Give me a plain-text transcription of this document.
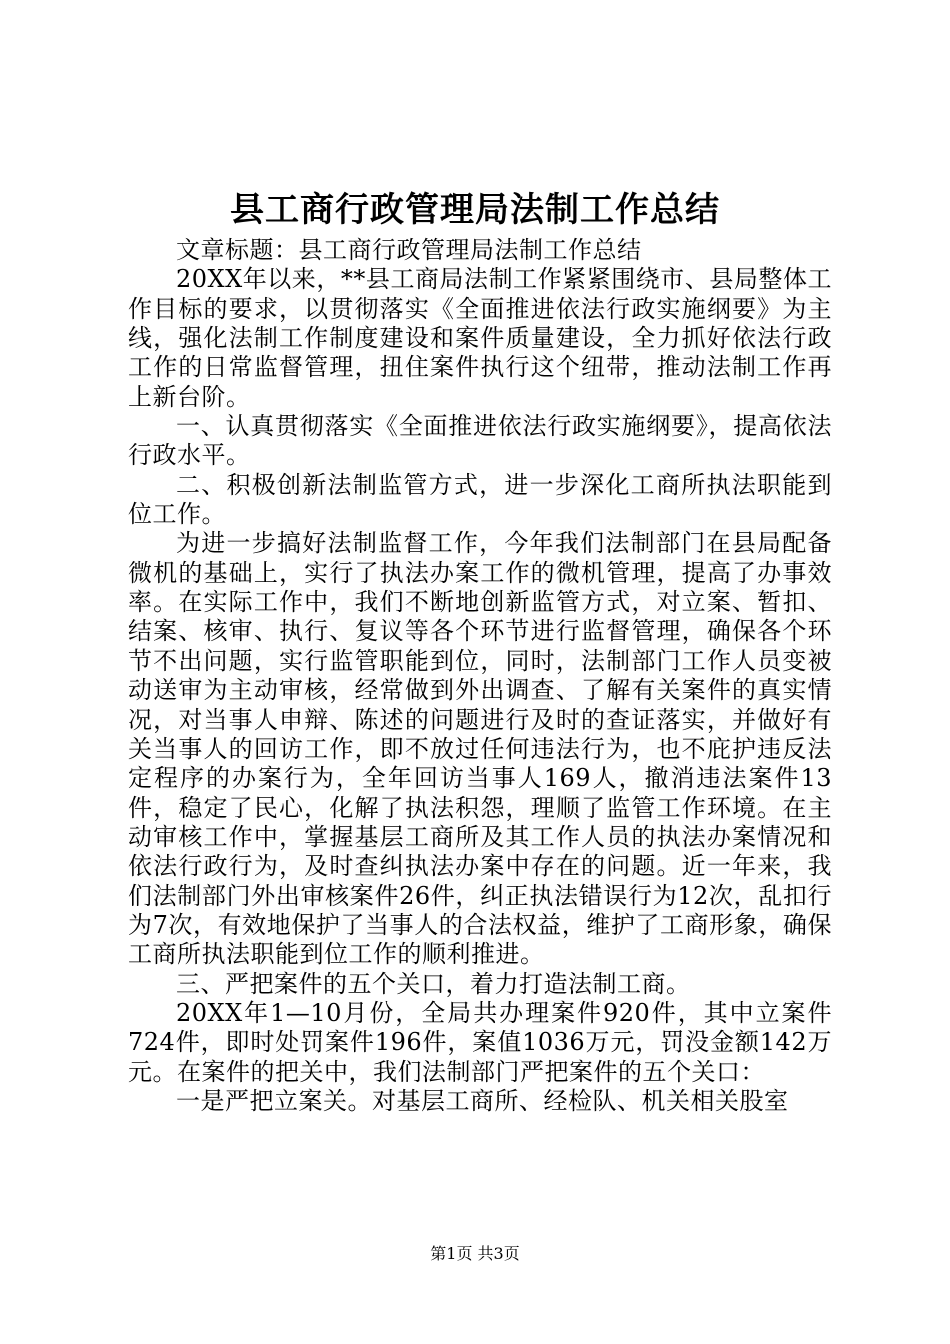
县工商行政管理局法制工作总结

文章标题：县工商行政管理局法制工作总结

20XX年以来，**县工商局法制工作紧紧围绕市、县局整体工作目标的要求，以贯彻落实《全面推进依法行政实施纲要》为主线，强化法制工作制度建设和案件质量建设，全力抓好依法行政工作的日常监督管理，扭住案件执行这个纽带，推动法制工作再上新台阶。

一、认真贯彻落实《全面推进依法行政实施纲要》，提高依法行政水平。

二、积极创新法制监管方式，进一步深化工商所执法职能到位工作。

为进一步搞好法制监督工作，今年我们法制部门在县局配备微机的基础上，实行了执法办案工作的微机管理，提高了办事效率。在实际工作中，我们不断地创新监管方式，对立案、暂扣、结案、核审、执行、复议等各个环节进行监督管理，确保各个环节不出问题，实行监管职能到位，同时，法制部门工作人员变被动送审为主动审核，经常做到外出调查、了解有关案件的真实情况，对当事人申辩、陈述的问题进行及时的查证落实，并做好有关当事人的回访工作，即不放过任何违法行为，也不庇护违反法定程序的办案行为，全年回访当事人169人，撤消违法案件13件，稳定了民心，化解了执法积怨，理顺了监管工作环境。在主动审核工作中，掌握基层工商所及其工作人员的执法办案情况和依法行政行为，及时查纠执法办案中存在的问题。近一年来，我们法制部门外出审核案件26件，纠正执法错误行为12次，乱扣行为7次，有效地保护了当事人的合法权益，维护了工商形象，确保工商所执法职能到位工作的顺利推进。

三、严把案件的五个关口，着力打造法制工商。

20XX年1—10月份，全局共办理案件920件，其中立案件724件，即时处罚案件196件，案值1036万元，罚没金额142万元。在案件的把关中，我们法制部门严把案件的五个关口：

一是严把立案关。对基层工商所、经检队、机关相关股室

第1页 共3页
